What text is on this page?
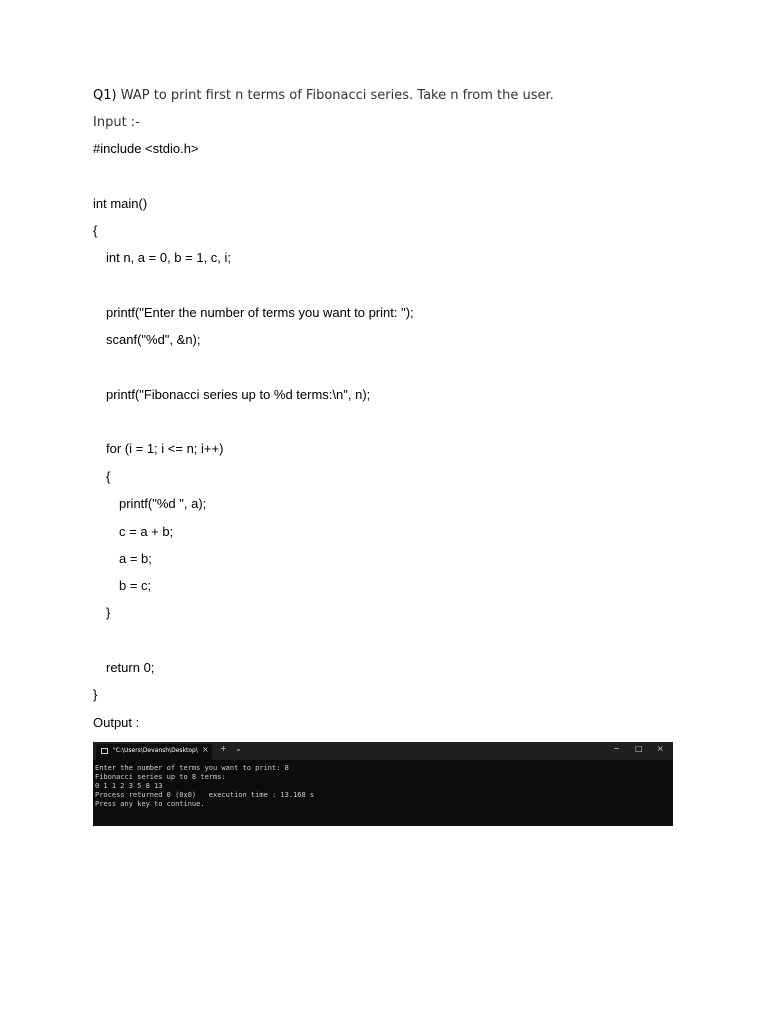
Q1) WAP to print first n terms of Fibonacci series. Take n from the user.
Input :-
#include <stdio.h>
int main()
{
int n, a = 0, b = 1, c, i;
printf("Enter the number of terms you want to print: ");
scanf("%d", &n);
printf("Fibonacci series up to %d terms:\n", n);
for (i = 1; i <= n; i++)
{
printf("%d ", a);
c = a + b;
a = b;
b = c;
}
return 0;
}
Output :
"C:\Users\Devansh\Desktop\ × + ⌄	− □ ×
Enter the number of terms you want to print: 8
Fibonacci series up to 8 terms:
0 1 1 2 3 5 8 13
Process returned 0 (0x0)   execution time : 13.168 s
Press any key to continue.
